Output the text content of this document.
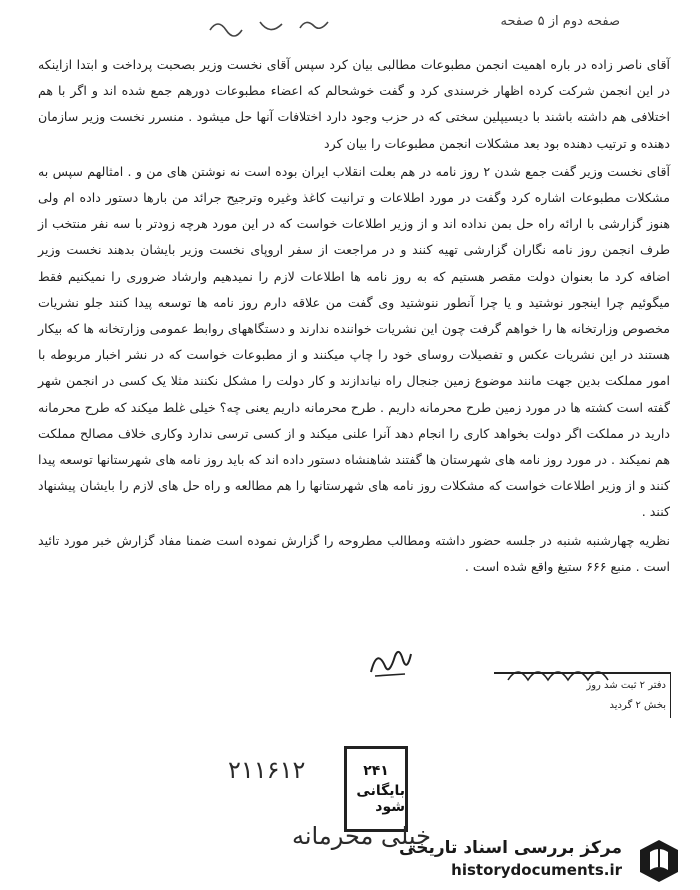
صفحه دوم از ۵ صفحه

آقای ناصر زاده در باره اهمیت انجمن مطبوعات مطالبی بیان کرد سپس آقای نخست وزیر بصحبت پرداخت و ابتدا ازاینکه در این انجمن شرکت کرده اظهار خرسندی کرد و گفت خوشحالم که اعضاء مطبوعات دورهم جمع شده اند و اگر با هم اختلافی هم داشته باشند با دیسیپلین سختی که در حزب وجود دارد اختلافات آنها حل میشود . منسرر نخست وزیر سازمان دهنده و ترتیب دهنده بود بعد مشکلات انجمن مطبوعات را بیان کرد

آقای نخست وزیر گفت جمع شدن ۲ روز نامه در هم بعلت انقلاب ایران بوده است نه نوشتن های من و . امثالهم سپس به مشکلات مطبوعات اشاره کرد وگفت در مورد اطلاعات و ترانیت کاغذ وغیره وترجیح جرائد من بارها دستور داده ام ولی هنوز گزارشی با ارائه راه حل بمن نداده اند و از وزیر اطلاعات خواست که در این مورد هرچه زودتر با سه نفر منتخب از طرف انجمن روز نامه نگاران گزارشی تهیه کنند و در مراجعت از سفر اروپای نخست وزیر بایشان بدهند نخست وزیر اضافه کرد ما بعنوان دولت مقصر هستیم که به روز نامه ها اطلاعات لازم را نمیدهیم وارشاد ضروری را نمیکنیم فقط میگوئیم چرا اینجور نوشتید و یا چرا آنطور ننوشتید وی گفت من علاقه دارم روز نامه ها توسعه پیدا کنند جلو نشریات مخصوص وزارتخانه ها را خواهم گرفت چون این نشریات خواننده ندارند و دستگاههای روابط عمومی وزارتخانه ها که بیکار هستند در این نشریات عکس و تفصیلات روسای خود را چاپ میکنند و از مطبوعات خواست که در نشر اخبار مربوطه با امور مملکت بدین جهت مانند موضوع زمین جنجال راه نیاندازند و کار دولت را مشکل نکنند مثلا یک کسی در انجمن شهر گفته است کشته ها در مورد زمین طرح محرمانه داریم . طرح محرمانه داریم یعنی چه؟ خیلی غلط میکند که طرح محرمانه دارید در مملکت اگر دولت بخواهد کاری را انجام دهد آنرا علنی میکند و از کسی ترسی ندارد وکاری خلاف مصالح مملکت هم نمیکند . در مورد روز نامه های شهرستان ها گفتند شاهنشاه دستور داده اند که باید روز نامه های شهرستانها توسعه پیدا کنند و از وزیر اطلاعات خواست که مشکلات روز نامه های شهرستانها را هم مطالعه و راه حل های لازم را بایشان پیشنهاد کنند .

نظریه چهارشنبه شنبه در جلسه حضور داشته ومطالب مطروحه را گزارش نموده است ضمنا مفاد گزارش خبر مورد تائید است . منبع ۶۶۶ ستیغ واقع شده است .

دفتر ۲ ثبت شد روز
بخش ۲ گردید
۲۴۱
بایگانی شود
۲۱۱۶۱۲
خیلی محرمانه
مرکز بررسی اسناد تاریخی
historydocuments.ir
